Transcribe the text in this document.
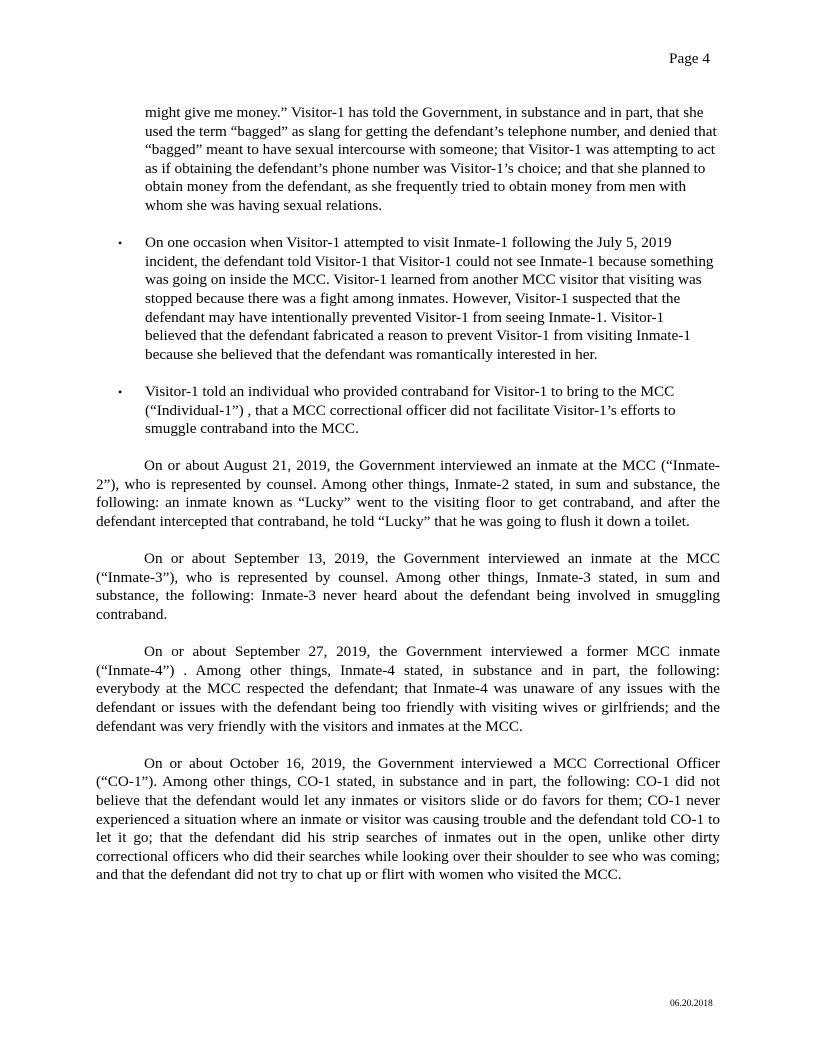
Page 4

might give me money.” Visitor-1 has told the Government, in substance and in part, that she used the term “bagged” as slang for getting the defendant’s telephone number, and denied that “bagged” meant to have sexual intercourse with someone; that Visitor-1 was attempting to act as if obtaining the defendant’s phone number was Visitor-1’s choice; and that she planned to obtain money from the defendant, as she frequently tried to obtain money from men with whom she was having sexual relations.

• On one occasion when Visitor-1 attempted to visit Inmate-1 following the July 5, 2019 incident, the defendant told Visitor-1 that Visitor-1 could not see Inmate-1 because something was going on inside the MCC. Visitor-1 learned from another MCC visitor that visiting was stopped because there was a fight among inmates. However, Visitor-1 suspected that the defendant may have intentionally prevented Visitor-1 from seeing Inmate-1. Visitor-1 believed that the defendant fabricated a reason to prevent Visitor-1 from visiting Inmate-1 because she believed that the defendant was romantically interested in her.
• Visitor-1 told an individual who provided contraband for Visitor-1 to bring to the MCC (“Individual-1”) , that a MCC correctional officer did not facilitate Visitor-1’s efforts to smuggle contraband into the MCC.

On or about August 21, 2019, the Government interviewed an inmate at the MCC (“Inmate-2”), who is represented by counsel. Among other things, Inmate-2 stated, in sum and substance, the following: an inmate known as “Lucky” went to the visiting floor to get contraband, and after the defendant intercepted that contraband, he told “Lucky” that he was going to flush it down a toilet.

On or about September 13, 2019, the Government interviewed an inmate at the MCC (“Inmate-3”), who is represented by counsel. Among other things, Inmate-3 stated, in sum and substance, the following: Inmate-3 never heard about the defendant being involved in smuggling contraband.

On or about September 27, 2019, the Government interviewed a former MCC inmate (“Inmate-4”) . Among other things, Inmate-4 stated, in substance and in part, the following: everybody at the MCC respected the defendant; that Inmate-4 was unaware of any issues with the defendant or issues with the defendant being too friendly with visiting wives or girlfriends; and the defendant was very friendly with the visitors and inmates at the MCC.

On or about October 16, 2019, the Government interviewed a MCC Correctional Officer (“CO-1”). Among other things, CO-1 stated, in substance and in part, the following: CO-1 did not believe that the defendant would let any inmates or visitors slide or do favors for them; CO-1 never experienced a situation where an inmate or visitor was causing trouble and the defendant told CO-1 to let it go; that the defendant did his strip searches of inmates out in the open, unlike other dirty correctional officers who did their searches while looking over their shoulder to see who was coming; and that the defendant did not try to chat up or flirt with women who visited the MCC.

06.20.2018
